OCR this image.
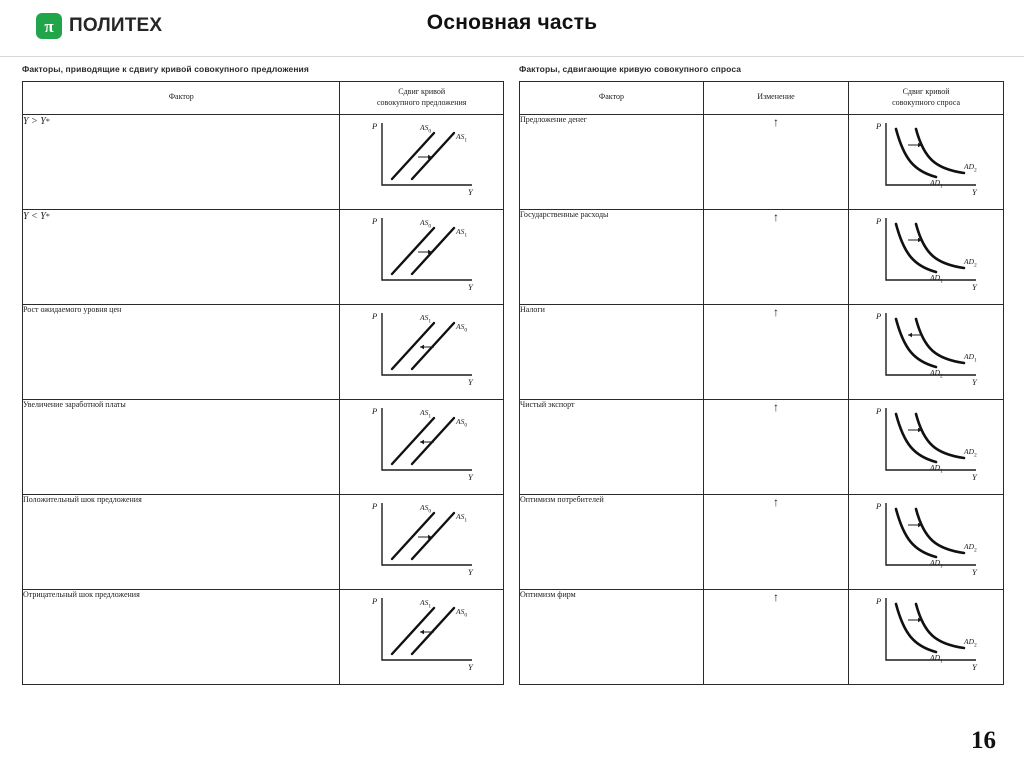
π ПОЛИТЕХ	Основная часть
Факторы, приводящие к сдвигу кривой совокупного предложения
Фактор	Сдвиг кривой
совокупного предложения
Y > Y*	P
Y
$AS_0$
$AS_1$

Y < Y*	P
Y
$AS_0$
$AS_1$

Рост ожидаемого уровня цен	P
Y
$AS_1$
$AS_0$

Увеличение заработной платы	P
Y
$AS_1$
$AS_0$

Положительный шок предложения	P
Y
$AS_0$
$AS_1$

Отрицательный шок предложения	P
Y
$AS_1$
$AS_0$
Факторы, сдвигающие кривую совокупного спроса
Фактор	Изменение	Сдвиг кривой
совокупного спроса
Предложение денег	↑	P
Y
$AD_1$
$AD_2$

Государственные расходы	↑	P
Y
$AD_1$
$AD_2$

Налоги	↑	P
Y
$AD_2$
$AD_1$

Чистый экспорт	↑	P
Y
$AD_1$
$AD_2$

Оптимизм потребителей	↑	P
Y
$AD_1$
$AD_2$

Оптимизм фирм	↑	P
Y
$AD_1$
$AD_2$
16
